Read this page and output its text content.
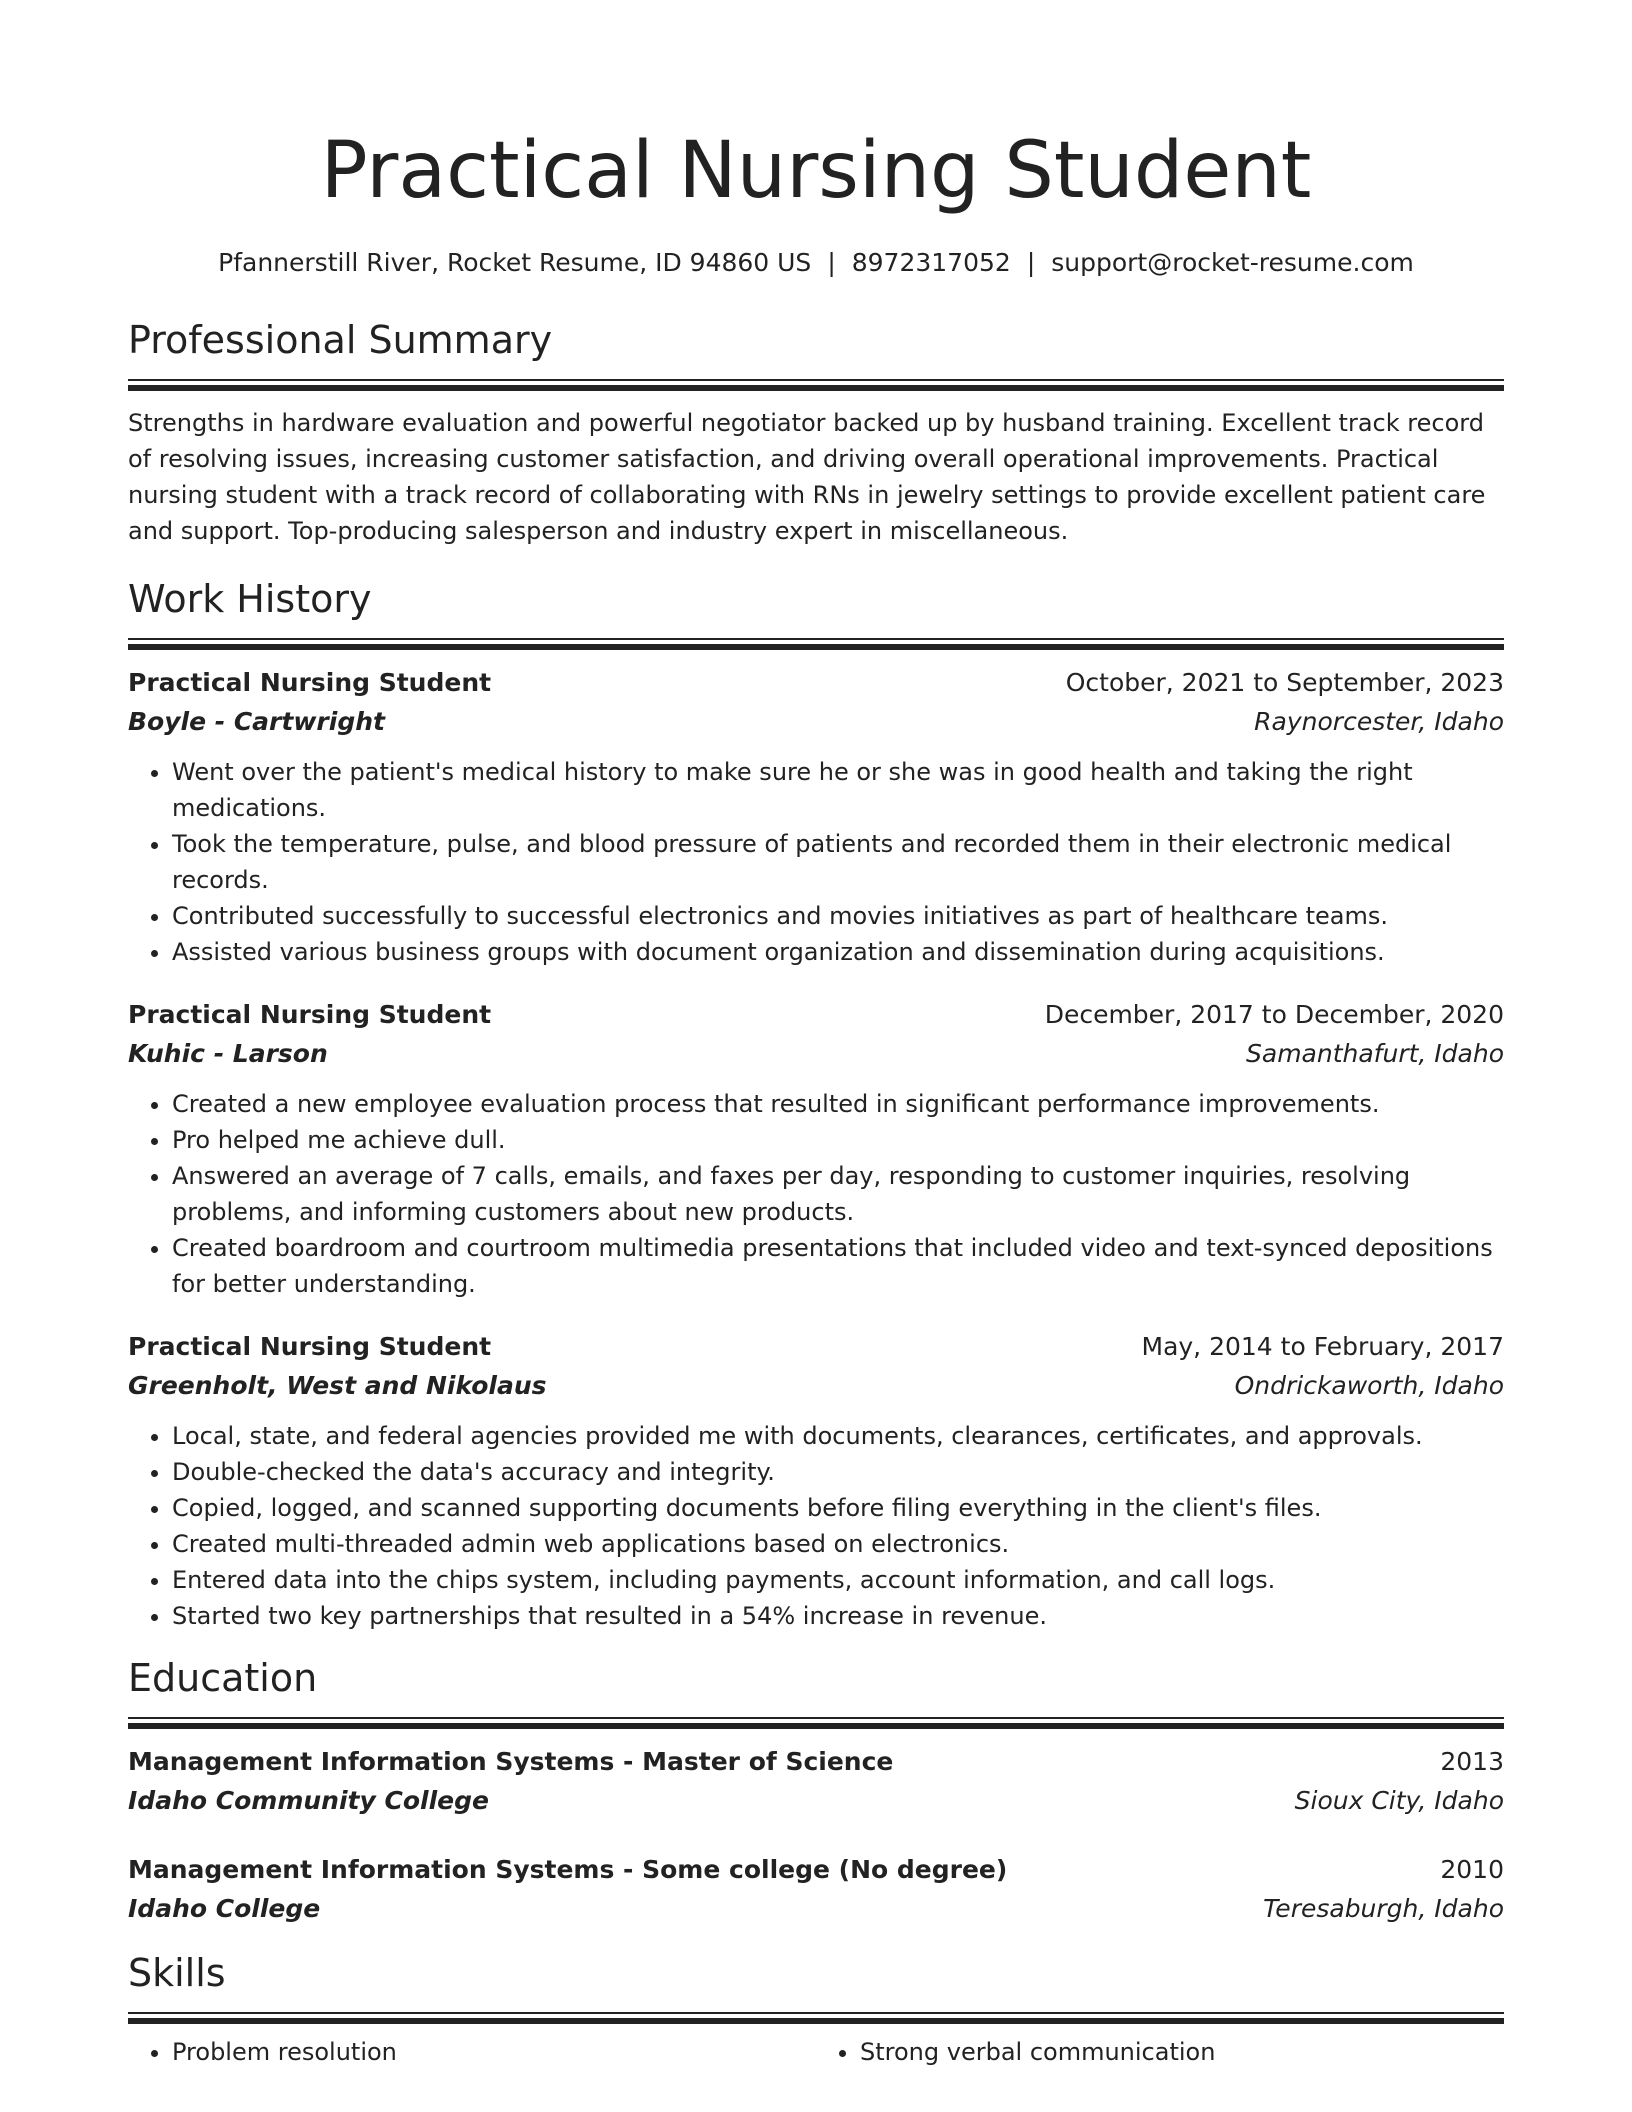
Practical Nursing Student
Pfannerstill River, Rocket Resume, ID 94860 US | 8972317052 | support@rocket-resume.com
Professional Summary
Strengths in hardware evaluation and powerful negotiator backed up by husband training. Excellent track record of resolving issues, increasing customer satisfaction, and driving overall operational improvements. Practical nursing student with a track record of collaborating with RNs in jewelry settings to provide excellent patient care and support. Top-producing salesperson and industry expert in miscellaneous.
Work History
Practical Nursing Student	October, 2021 to September, 2023
Boyle - Cartwright	Raynorcester, Idaho
• Went over the patient's medical history to make sure he or she was in good health and taking the right medications.
• Took the temperature, pulse, and blood pressure of patients and recorded them in their electronic medical records.
• Contributed successfully to successful electronics and movies initiatives as part of healthcare teams.
• Assisted various business groups with document organization and dissemination during acquisitions.
Practical Nursing Student	December, 2017 to December, 2020
Kuhic - Larson	Samanthafurt, Idaho
• Created a new employee evaluation process that resulted in significant performance improvements.
• Pro helped me achieve dull.
• Answered an average of 7 calls, emails, and faxes per day, responding to customer inquiries, resolving problems, and informing customers about new products.
• Created boardroom and courtroom multimedia presentations that included video and text-synced depositions for better understanding.
Practical Nursing Student	May, 2014 to February, 2017
Greenholt, West and Nikolaus	Ondrickaworth, Idaho
• Local, state, and federal agencies provided me with documents, clearances, certificates, and approvals.
• Double-checked the data's accuracy and integrity.
• Copied, logged, and scanned supporting documents before filing everything in the client's files.
• Created multi-threaded admin web applications based on electronics.
• Entered data into the chips system, including payments, account information, and call logs.
• Started two key partnerships that resulted in a 54% increase in revenue.
Education
Management Information Systems - Master of Science	2013
Idaho Community College	Sioux City, Idaho
Management Information Systems - Some college (No degree)	2010
Idaho College	Teresaburgh, Idaho
Skills
• Problem resolution
•	Strong verbal communication
